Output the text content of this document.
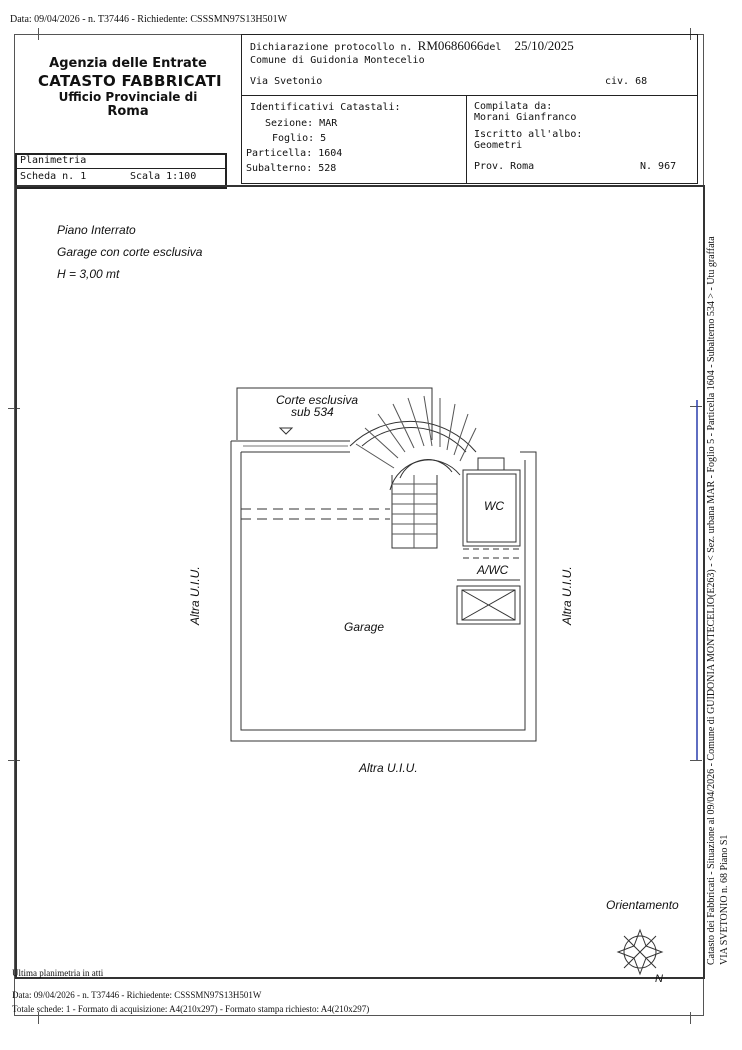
Data: 09/04/2026 - n. T37446 - Richiedente: CSSSMN97S13H501W
Agenzia delle Entrate
CATASTO FABBRICATI
Ufficio Provinciale di
Roma
Dichiarazione protocollo n. RM0686066del 25/10/2025
Comune di Guidonia Montecelio
Via Svetonio	civ. 68
Identificativi Catastali:
Sezione: MAR
Foglio: 5
Particella: 1604
Subalterno: 528
Compilata da:
Morani Gianfranco
Iscritto all'albo:
Geometri
Prov. Roma	N. 967
Planimetria
Scheda n. 1	Scala 1:100
Piano Interrato
Garage con corte esclusiva
H = 3,00 mt
Corte esclusiva
sub 534
WC
A/WC
Garage
Altra U.I.U.
Altra U.I.U.	Altra U.I.U.
Orientamento
N
Catasto dei Fabbricati - Situazione al 09/04/2026 - Comune di GUIDONIA MONTECELIO(E263) - < Sez. urbana MAR - Foglio 5 - Particella 1604 - Subalterno 534 > - Utu graffata VIA SVETONIO n. 68 Piano S1
Ultima planimetria in atti
Data: 09/04/2026 - n. T37446 - Richiedente: CSSSMN97S13H501W
Totale schede: 1 - Formato di acquisizione: A4(210x297) - Formato stampa richiesto: A4(210x297)
